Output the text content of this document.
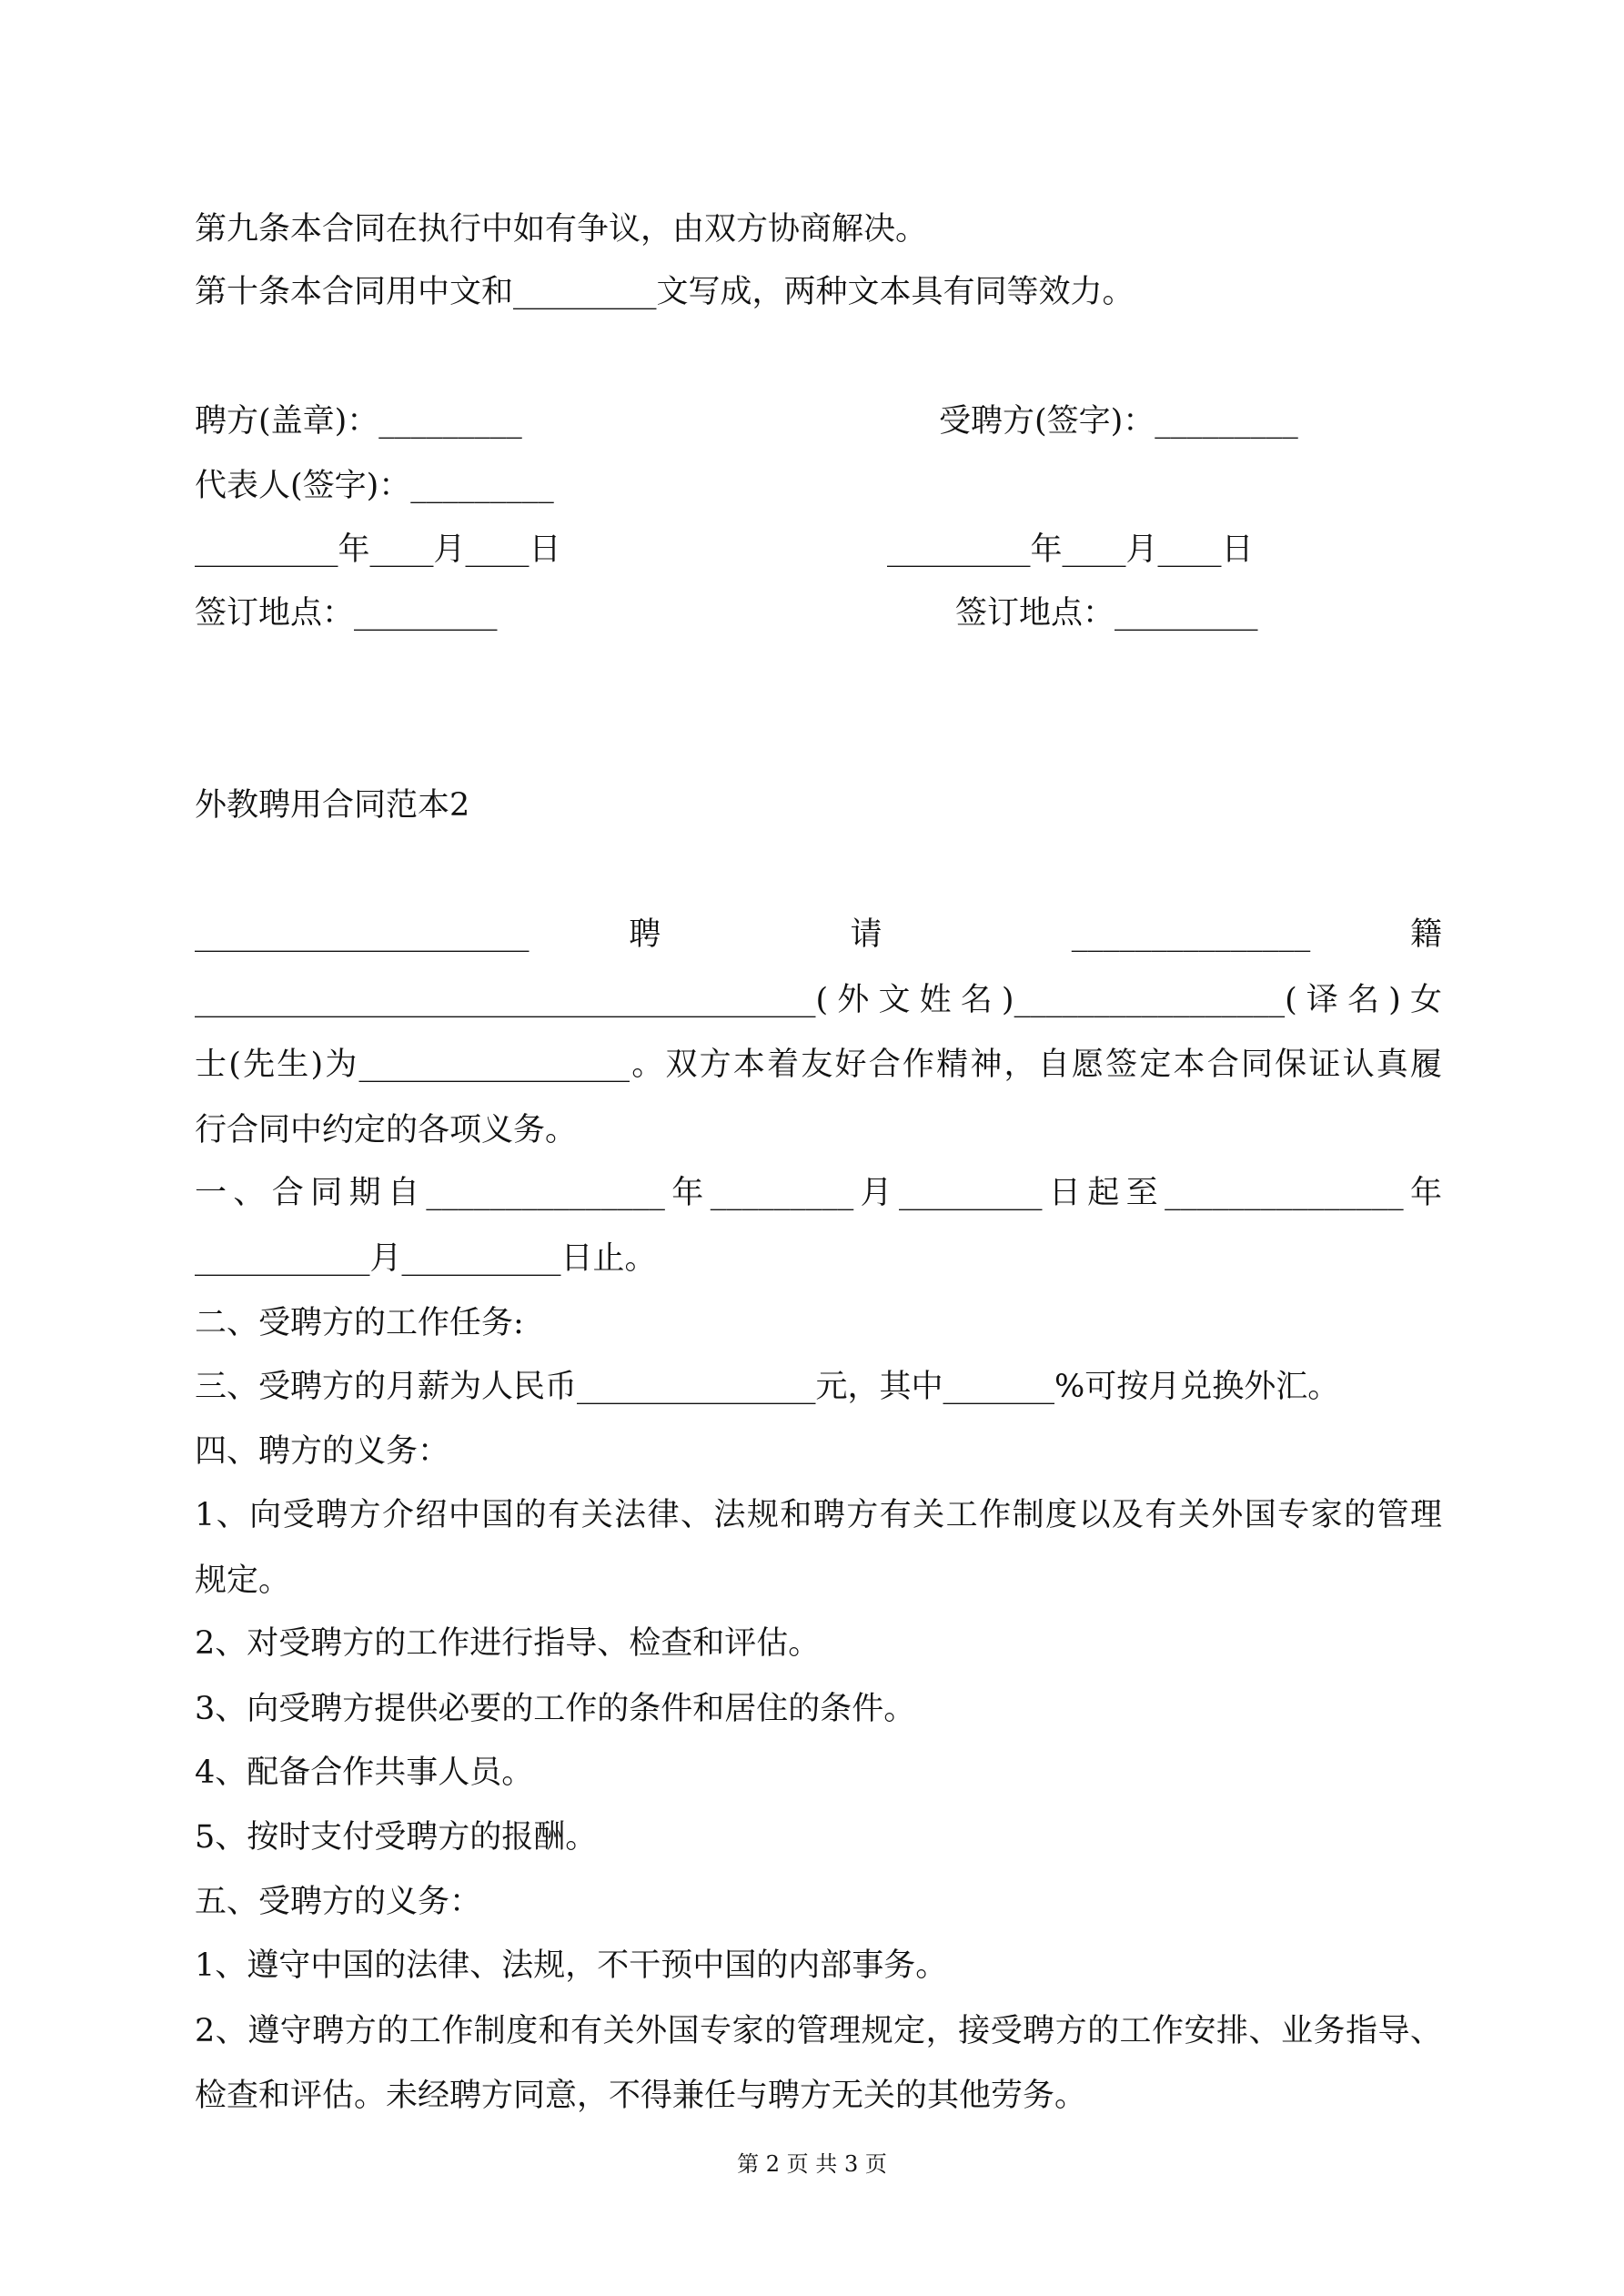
第九条本合同在执行中如有争议，由双方协商解决。
第十条本合同用中文和_________文写成，两种文本具有同等效力。
聘方(盖章)：_________	受聘方(签字)：_________
代表人(签字)：_________
_________年____月____日	_________年____月____日
签订地点：_________	签订地点：_________
外教聘用合同范本2
_____________________ 聘 请 _______________ 籍
_______________________________________(外文姓名)_________________(译名)女
士(先生)为_________________。双方本着友好合作精神，自愿签定本合同保证认真履
行合同中约定的各项义务。
一、合同期自_______________年_________月_________日起至_______________年
___________月__________日止。
二、受聘方的工作任务:
三、受聘方的月薪为人民币_______________元，其中_______%可按月兑换外汇。
四、聘方的义务：
1、向受聘方介绍中国的有关法律、法规和聘方有关工作制度以及有关外国专家的管理
规定。
2、对受聘方的工作进行指导、检查和评估。
3、向受聘方提供必要的工作的条件和居住的条件。
4、配备合作共事人员。
5、按时支付受聘方的报酬。
五、受聘方的义务：
1、遵守中国的法律、法规，不干预中国的内部事务。
2、遵守聘方的工作制度和有关外国专家的管理规定，接受聘方的工作安排、业务指导、
检查和评估。未经聘方同意，不得兼任与聘方无关的其他劳务。
第 2 页 共 3 页
